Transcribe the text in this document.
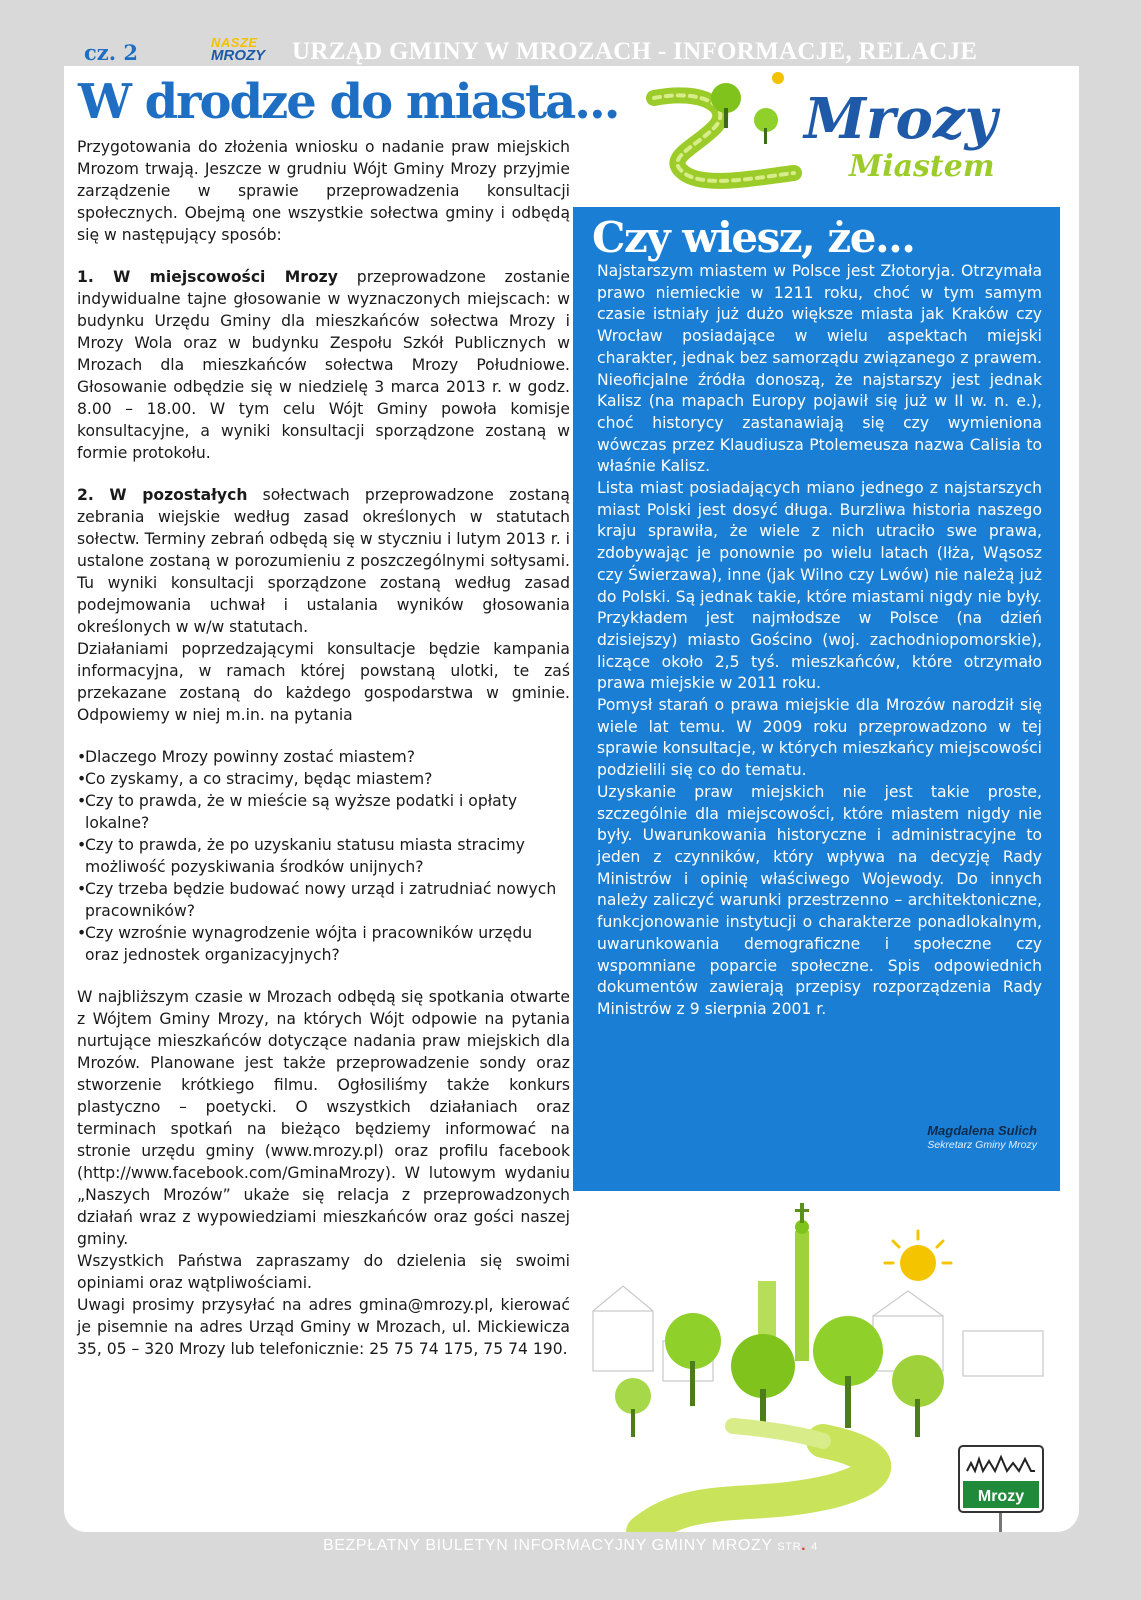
cz. 2	NASZE
MROZY	URZĄD GMINY W MROZACH - INFORMACJE, RELACJE
W drodze do miasta...

Przygotowania do złożenia wniosku o nadanie praw miejskich Mrozom trwają. Jeszcze w grudniu Wójt Gminy Mrozy przyjmie zarządzenie w sprawie przeprowadzenia konsultacji społecznych. Obejmą one wszystkie sołectwa gminy i odbędą się w następujący sposób:

1. W miejscowości Mrozy przeprowadzone zostanie indywidualne tajne głosowanie w wyznaczonych miejscach: w budynku Urzędu Gminy dla mieszkańców sołectwa Mrozy i Mrozy Wola oraz w budynku Zespołu Szkół Publicznych w Mrozach dla mieszkańców sołectwa Mrozy Południowe. Głosowanie odbędzie się w niedzielę 3 marca 2013 r. w godz. 8.00 – 18.00. W tym celu Wójt Gminy powoła komisje konsultacyjne, a wyniki konsultacji sporządzone zostaną w formie protokołu.

2. W pozostałych sołectwach przeprowadzone zostaną zebrania wiejskie według zasad określonych w statutach sołectw. Terminy zebrań odbędą się w styczniu i lutym 2013 r. i ustalone zostaną w porozumieniu z poszczególnymi sołtysami. Tu wyniki konsultacji sporządzone zostaną według zasad podejmowania uchwał i ustalania wyników głosowania określonych w w/w statutach.

Działaniami poprzedzającymi konsultacje będzie kampania informacyjna, w ramach której powstaną ulotki, te zaś przekazane zostaną do każdego gospodarstwa w gminie. Odpowiemy w niej m.in. na pytania

•
Dlaczego Mrozy powinny zostać miastem?
•
Co zyskamy, a co stracimy, będąc miastem?
•
Czy to prawda, że w mieście są wyższe podatki i opłaty lokalne?
•
Czy to prawda, że po uzyskaniu statusu miasta stracimy możliwość pozyskiwania środków unijnych?
•
Czy trzeba będzie budować nowy urząd i zatrudniać nowych pracowników?
•
Czy wzrośnie wynagrodzenie wójta i pracowników urzędu oraz jednostek organizacyjnych?

W najbliższym czasie w Mrozach odbędą się spotkania otwarte z Wójtem Gminy Mrozy, na których Wójt odpowie na pytania nurtujące mieszkańców dotyczące nadania praw miejskich dla Mrozów. Planowane jest także przeprowadzenie sondy oraz stworzenie krótkiego filmu. Ogłosiliśmy także konkurs plastyczno – poetycki. O wszystkich działaniach oraz terminach spotkań na bieżąco będziemy informować na stronie urzędu gminy (www.mrozy.pl) oraz profilu facebook (http://www.facebook.com/GminaMrozy). W lutowym wydaniu „Naszych Mrozów” ukaże się relacja z przeprowadzonych działań wraz z wypowiedziami mieszkańców oraz gości naszej gminy.

Wszystkich Państwa zapraszamy do dzielenia się swoimi opiniami oraz wątpliwościami.

Uwagi prosimy przysyłać na adres gmina@mrozy.pl, kierować je pisemnie na adres Urząd Gminy w Mrozach, ul. Mickiewicza 35, 05 – 320 Mrozy lub telefonicznie: 25 75 74 175, 75 74 190.

Mrozy
Miastem
Czy wiesz, że...

Najstarszym miastem w Polsce jest Złotoryja. Otrzymała prawo niemieckie w 1211 roku, choć w tym samym czasie istniały już dużo większe miasta jak Kraków czy Wrocław posiadające w wielu aspektach miejski charakter, jednak bez samorządu związanego z prawem. Nieoficjalne źródła donoszą, że najstarszy jest jednak Kalisz (na mapach Europy pojawił się już w II w. n. e.), choć historycy zastanawiają się czy wymieniona wówczas przez Klaudiusza Ptolemeusza nazwa Calisia to właśnie Kalisz.

Lista miast posiadających miano jednego z najstarszych miast Polski jest dosyć długa. Burzliwa historia naszego kraju sprawiła, że wiele z nich utraciło swe prawa, zdobywając je ponownie po wielu latach (Iłża, Wąsosz czy Świerzawa), inne (jak Wilno czy Lwów) nie należą już do Polski. Są jednak takie, które miastami nigdy nie były. Przykładem jest najmłodsze w Polsce (na dzień dzisiejszy) miasto Gościno (woj. zachodniopomorskie), liczące około 2,5 tyś. mieszkańców, które otrzymało prawa miejskie w 2011 roku.

Pomysł starań o prawa miejskie dla Mrozów narodził się wiele lat temu. W 2009 roku przeprowadzono w tej sprawie konsultacje, w których mieszkańcy miejscowości podzielili się co do tematu.

Uzyskanie praw miejskich nie jest takie proste, szczególnie dla miejscowości, które miastem nigdy nie były. Uwarunkowania historyczne i administracyjne to jeden z czynników, który wpływa na decyzję Rady Ministrów i opinię właściwego Wojewody. Do innych należy zaliczyć warunki przestrzenno – architektoniczne, funkcjonowanie instytucji o charakterze ponadlokalnym, uwarunkowania demograficzne i społeczne czy wspomniane poparcie społeczne. Spis odpowiednich dokumentów zawierają przepisy rozporządzenia Rady Ministrów z 9 sierpnia 2001 r.

Magdalena Sulich
Sekretarz Gminy Mrozy
Mrozy
BEZPŁATNY BIULETYN INFORMACYJNY GMINY MROZY STR. 4
